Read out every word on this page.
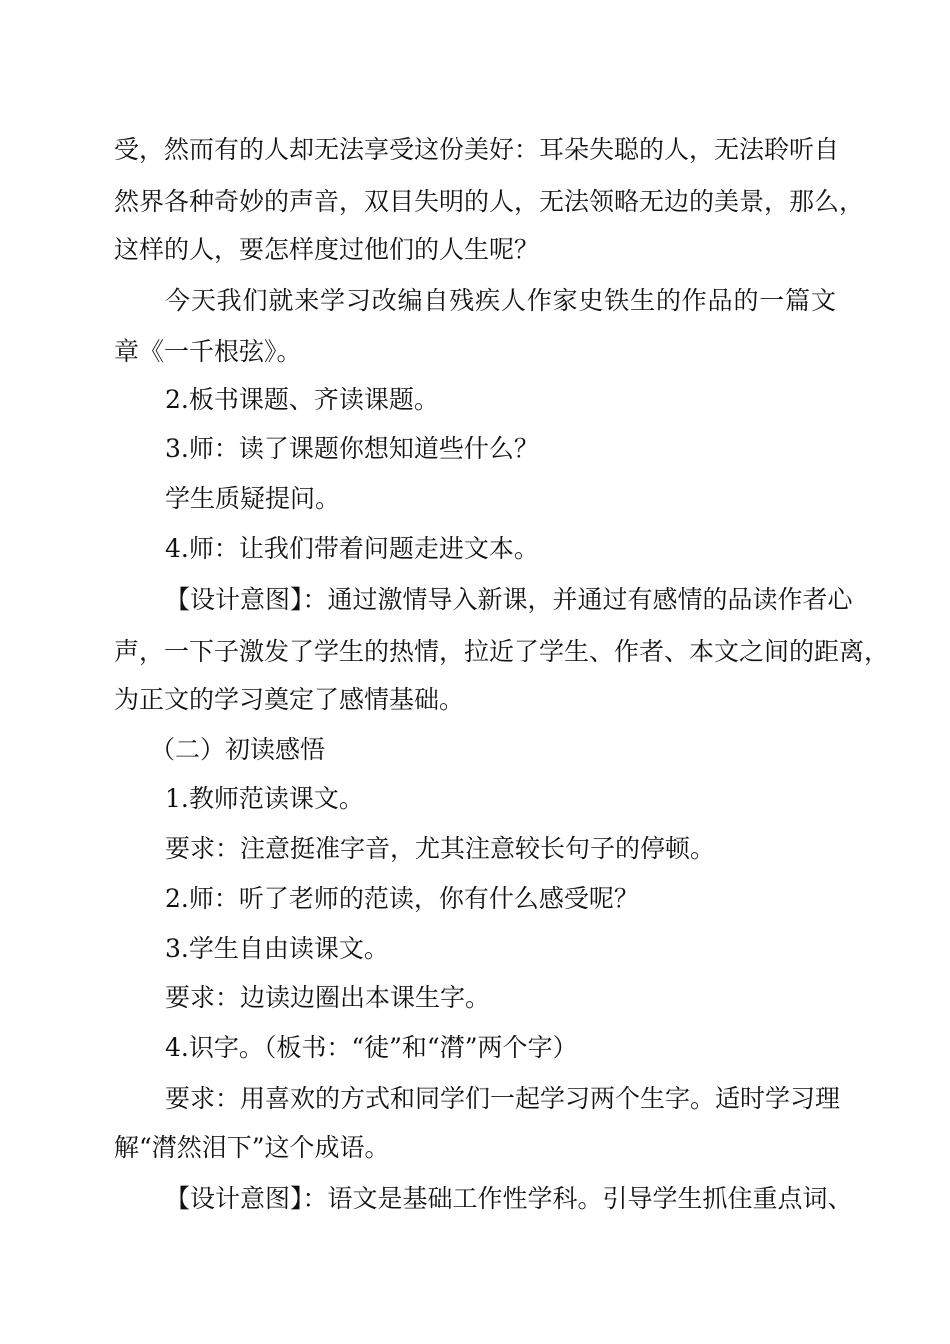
受，然而有的人却无法享受这份美好：耳朵失聪的人，无法聆听自
然界各种奇妙的声音，双目失明的人，无法领略无边的美景，那么，
这样的人，要怎样度过他们的人生呢？
今天我们就来学习改编自残疾人作家史铁生的作品的一篇文
章《一千根弦》。
2.板书课题、齐读课题。
3.师：读了课题你想知道些什么？
学生质疑提问。
4.师：让我们带着问题走进文本。
【设计意图】：通过激情导入新课，并通过有感情的品读作者心
声，一下子激发了学生的热情，拉近了学生、作者、本文之间的距离，
为正文的学习奠定了感情基础。
（二）初读感悟
1.教师范读课文。
要求：注意挺准字音，尤其注意较长句子的停顿。
2.师：听了老师的范读，你有什么感受呢？
3.学生自由读课文。
要求：边读边圈出本课生字。
4.识字。（板书：“徒”和“潸”两个字）
要求：用喜欢的方式和同学们一起学习两个生字。适时学习理
解“潸然泪下”这个成语。
【设计意图】：语文是基础工作性学科。引导学生抓住重点词、
